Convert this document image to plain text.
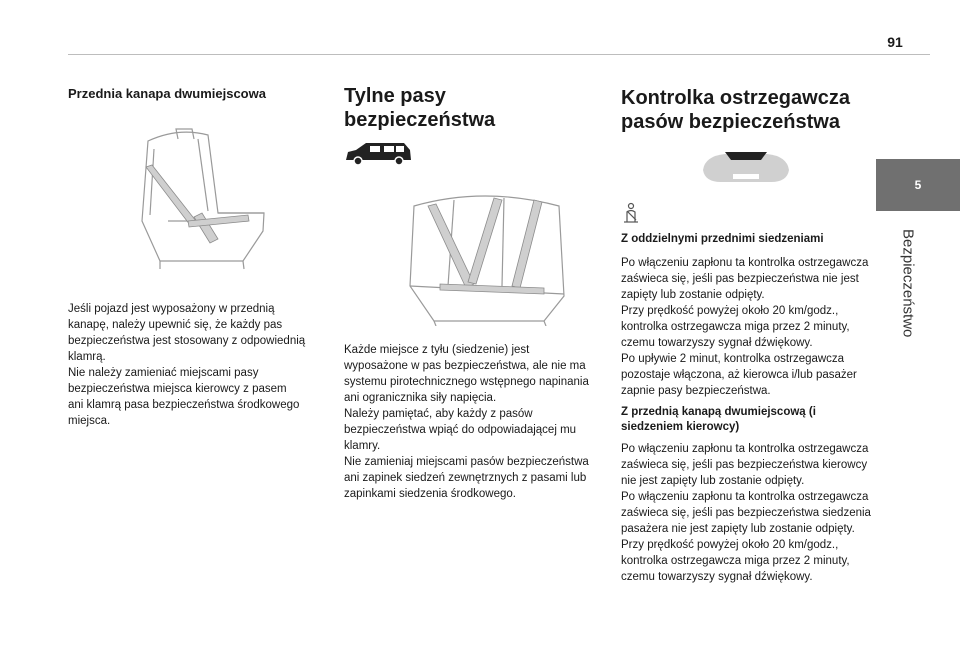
91
5
Bezpieczeństwo
Przednia kanapa dwumiejscowa

Jeśli pojazd jest wyposażony w przednią
kanapę, należy upewnić się, że każdy pas
bezpieczeństwa jest stosowany z odpowiednią
klamrą.
Nie należy zamieniać miejscami pasy
bezpieczeństwa miejsca kierowcy z pasem
ani klamrą pasa bezpieczeństwa środkowego
miejsca.

Tylne pasy bezpieczeństwa

Każde miejsce z tyłu (siedzenie) jest
wyposażone w pas bezpieczeństwa, ale nie ma
systemu pirotechnicznego wstępnego napinania
ani ogranicznika siły napięcia.
Należy pamiętać, aby każdy z pasów
bezpieczeństwa wpiąć do odpowiadającej mu
klamry.
Nie zamieniaj miejscami pasów bezpieczeństwa
ani zapinek siedzeń zewnętrznych z pasami lub
zapinkami siedzenia środkowego.

Kontrolka ostrzegawcza
pasów bezpieczeństwa
Z oddzielnymi przednimi siedzeniami

Po włączeniu zapłonu ta kontrolka ostrzegawcza
zaświeca się, jeśli pas bezpieczeństwa nie jest
zapięty lub zostanie odpięty.
Przy prędkość powyżej około 20 km/godz.,
kontrolka ostrzegawcza miga przez 2 minuty,
czemu towarzyszy sygnał dźwiękowy.
Po upływie 2 minut, kontrolka ostrzegawcza
pozostaje włączona, aż kierowca i/lub pasażer
zapnie pasy bezpieczeństwa.

Z przednią kanapą dwumiejscową (i
siedzeniem kierowcy)

Po włączeniu zapłonu ta kontrolka ostrzegawcza
zaświeca się, jeśli pas bezpieczeństwa kierowcy
nie jest zapięty lub zostanie odpięty.
Po włączeniu zapłonu ta kontrolka ostrzegawcza
zaświeca się, jeśli pas bezpieczeństwa siedzenia
pasażera nie jest zapięty lub zostanie odpięty.
Przy prędkość powyżej około 20 km/godz.,
kontrolka ostrzegawcza miga przez 2 minuty,
czemu towarzyszy sygnał dźwiękowy.
